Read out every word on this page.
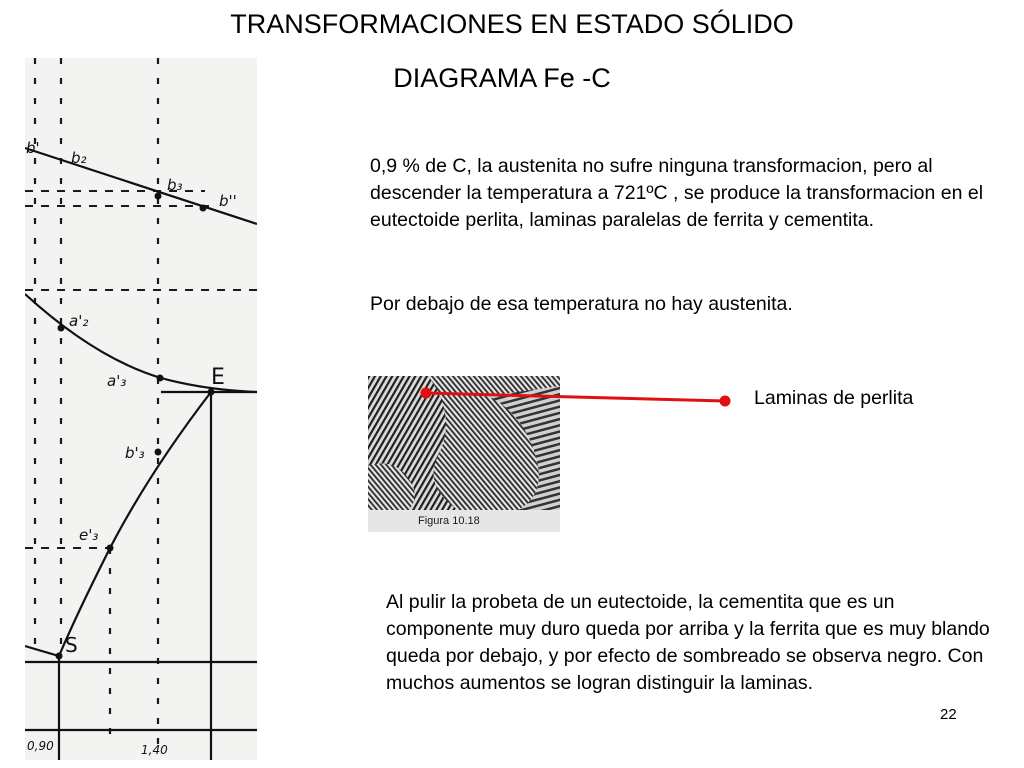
TRANSFORMACIONES EN ESTADO SÓLIDO
DIAGRAMA Fe -C
b'
b₂
b₃
b''
a'₂
a'₃	E
b'₃
e'₃
S
0,90	1,40

0,9 % de C, la austenita no sufre ninguna transformacion, pero al descender la temperatura a 721ºC , se produce la transformacion en el eutectoide perlita, laminas paralelas de ferrita y cementita.

Por debajo de esa temperatura no hay austenita.

Figura 10.18
Laminas de perlita

Al pulir la probeta de un eutectoide, la cementita que es un componente muy duro queda por arriba y la ferrita que es muy blando queda por debajo, y por efecto de sombreado se observa negro. Con muchos aumentos se logran distinguir la laminas.

22
